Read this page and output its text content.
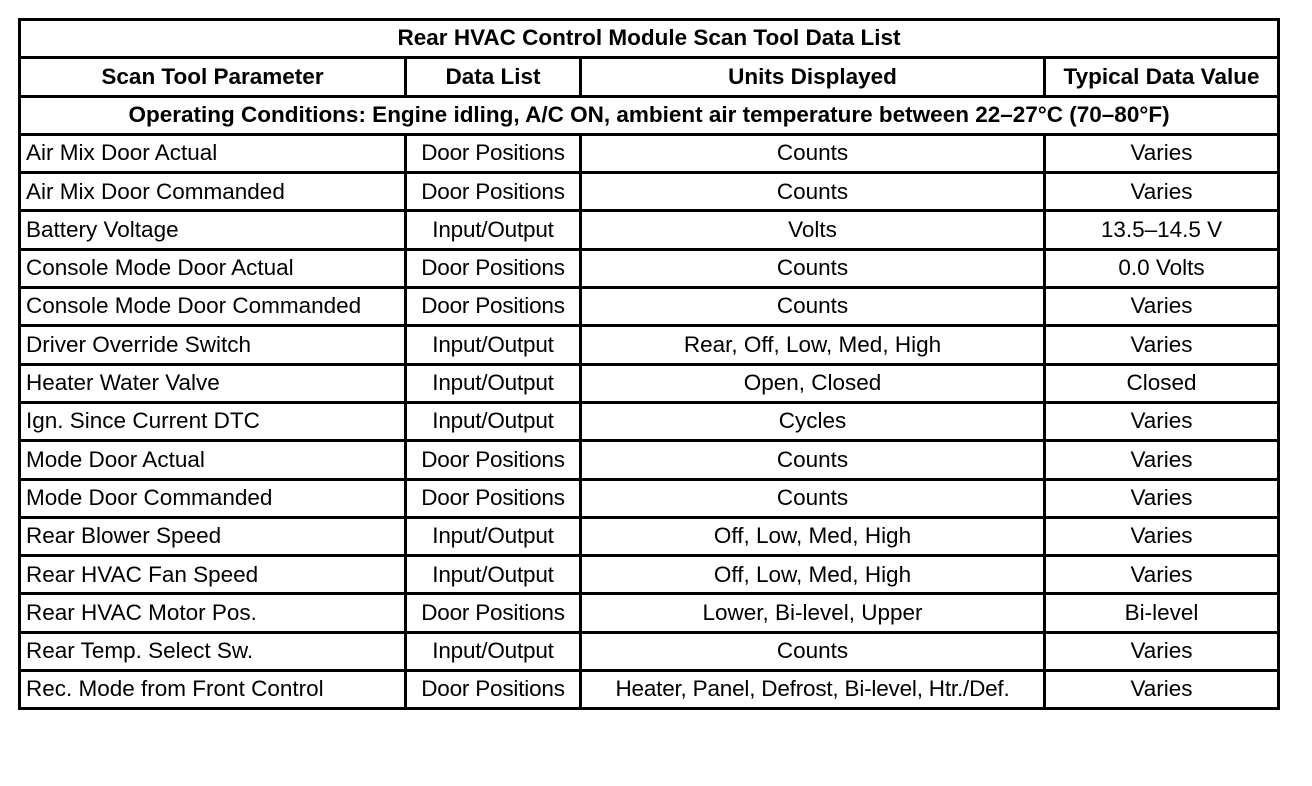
Rear HVAC Control Module Scan Tool Data List			
Scan Tool Parameter	Data List	Units Displayed	Typical Data Value
Operating Conditions: Engine idling, A/C ON, ambient air temperature between 22–27°C (70–80°F)			
Air Mix Door Actual	Door Positions	Counts	Varies
Air Mix Door Commanded	Door Positions	Counts	Varies
Battery Voltage	Input/Output	Volts	13.5–14.5 V
Console Mode Door Actual	Door Positions	Counts	0.0 Volts
Console Mode Door Commanded	Door Positions	Counts	Varies
Driver Override Switch	Input/Output	Rear, Off, Low, Med, High	Varies
Heater Water Valve	Input/Output	Open, Closed	Closed
Ign. Since Current DTC	Input/Output	Cycles	Varies
Mode Door Actual	Door Positions	Counts	Varies
Mode Door Commanded	Door Positions	Counts	Varies
Rear Blower Speed	Input/Output	Off, Low, Med, High	Varies
Rear HVAC Fan Speed	Input/Output	Off, Low, Med, High	Varies
Rear HVAC Motor Pos.	Door Positions	Lower, Bi-level, Upper	Bi-level
Rear Temp. Select Sw.	Input/Output	Counts	Varies
Rec. Mode from Front Control	Door Positions	Heater, Panel, Defrost, Bi-level, Htr./Def.	Varies
